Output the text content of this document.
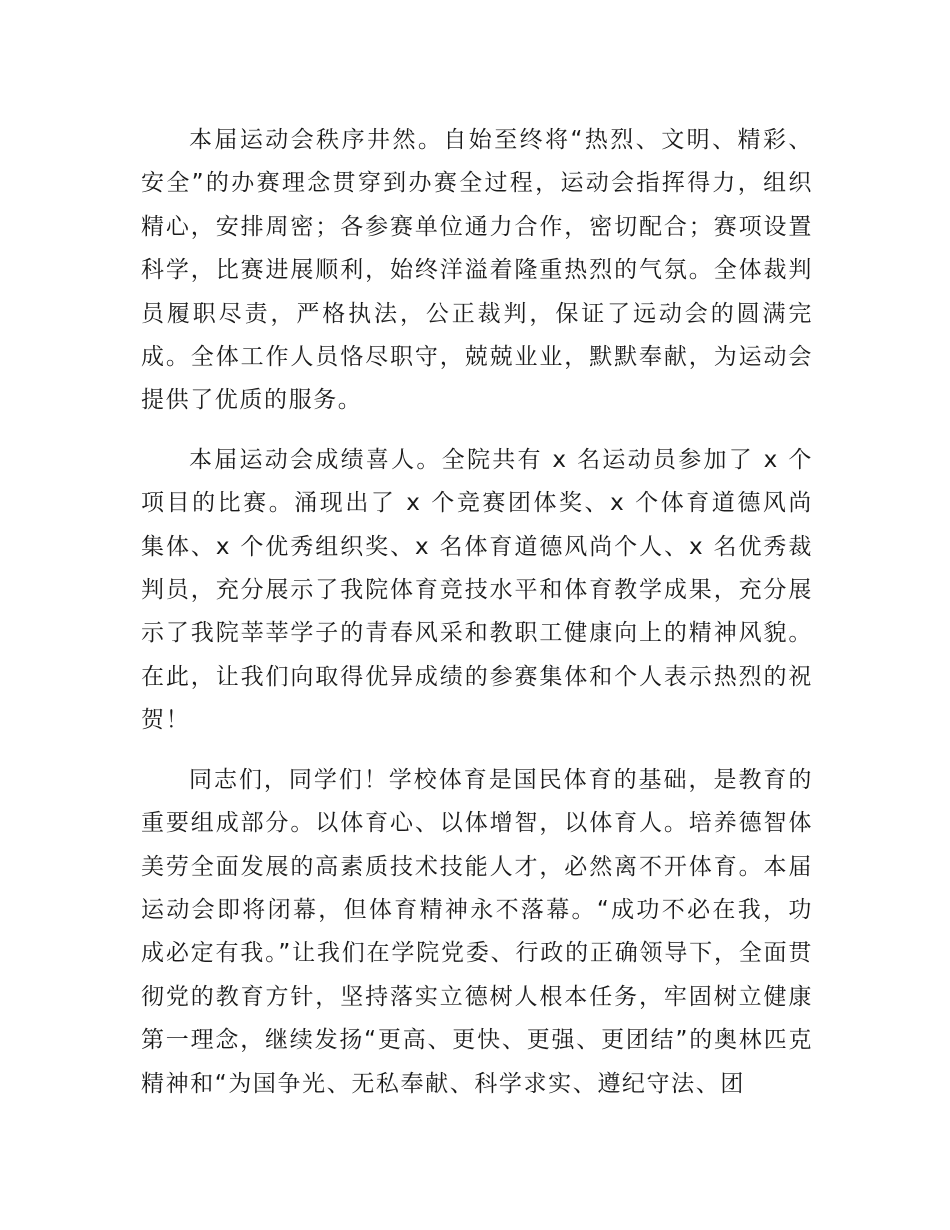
本届运动会秩序井然。自始至终将“热烈、文明、精彩、安全”的办赛理念贯穿到办赛全过程，运动会指挥得力，组织精心，安排周密；各参赛单位通力合作，密切配合；赛项设置科学，比赛进展顺利，始终洋溢着隆重热烈的气氛。全体裁判员履职尽责，严格执法，公正裁判，保证了远动会的圆满完成。全体工作人员恪尽职守，兢兢业业，默默奉献，为运动会提供了优质的服务。

本届运动会成绩喜人。全院共有 x 名运动员参加了 x 个项目的比赛。涌现出了 x 个竞赛团体奖、x 个体育道德风尚集体、x 个优秀组织奖、x 名体育道德风尚个人、x 名优秀裁判员，充分展示了我院体育竞技水平和体育教学成果，充分展示了我院莘莘学子的青春风采和教职工健康向上的精神风貌。在此，让我们向取得优异成绩的参赛集体和个人表示热烈的祝贺！

同志们，同学们！学校体育是国民体育的基础，是教育的重要组成部分。以体育心、以体增智，以体育人。培养德智体美劳全面发展的高素质技术技能人才，必然离不开体育。本届运动会即将闭幕，但体育精神永不落幕。“成功不必在我，功成必定有我。”让我们在学院党委、行政的正确领导下，全面贯彻党的教育方针，坚持落实立德树人根本任务，牢固树立健康第一理念，继续发扬“更高、更快、更强、更团结”的奥林匹克精神和“为国争光、无私奉献、科学求实、遵纪守法、团
